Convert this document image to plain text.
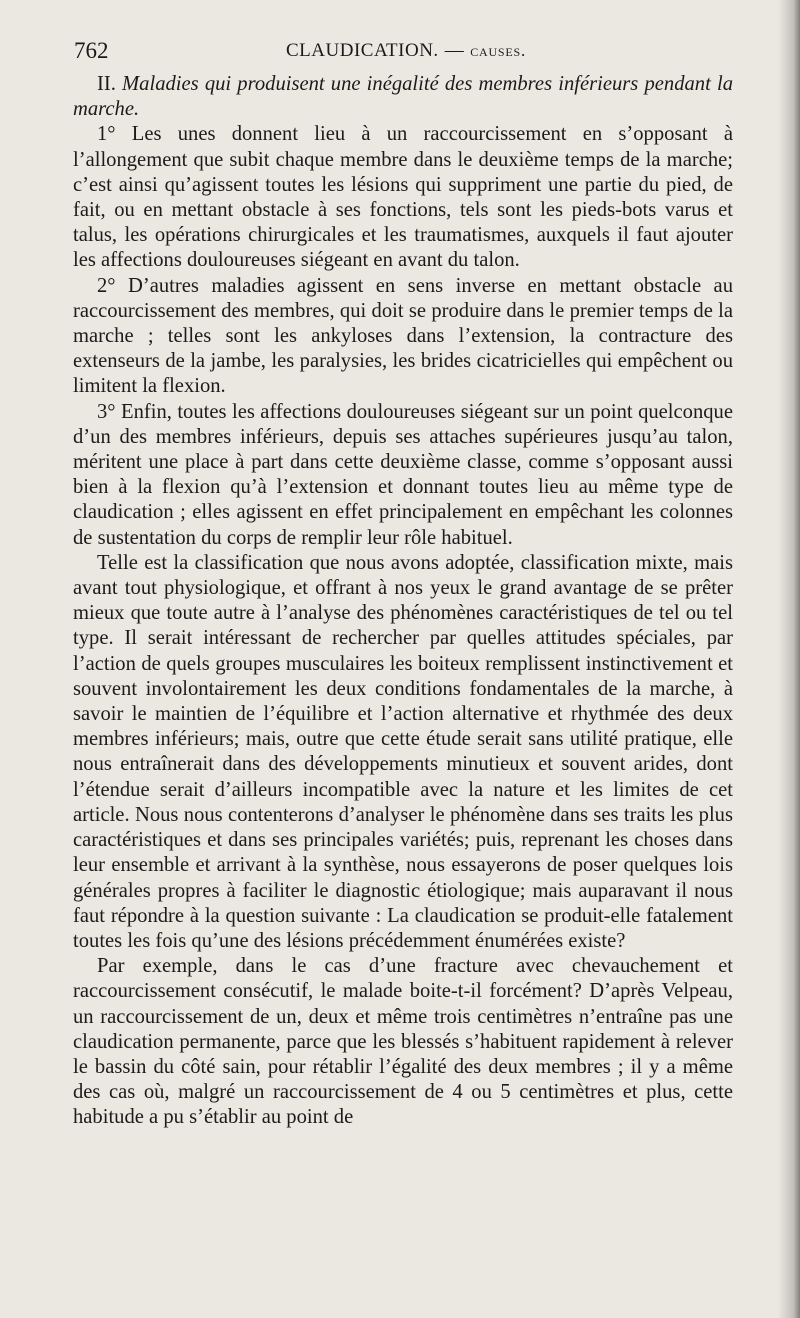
762	CLAUDICATION. — causes.

II. Maladies qui produisent une inégalité des membres inférieurs pendant la marche.

1° Les unes donnent lieu à un raccourcissement en s’opposant à l’allongement que subit chaque membre dans le deuxième temps de la marche; c’est ainsi qu’agissent toutes les lésions qui suppriment une partie du pied, de fait, ou en mettant obstacle à ses fonctions, tels sont les pieds-bots varus et talus, les opérations chirurgicales et les traumatismes, auxquels il faut ajouter les affections douloureuses siégeant en avant du talon.

2° D’autres maladies agissent en sens inverse en mettant obstacle au raccourcissement des membres, qui doit se produire dans le premier temps de la marche ; telles sont les ankyloses dans l’extension, la contracture des extenseurs de la jambe, les paralysies, les brides cicatricielles qui empêchent ou limitent la flexion.

3° Enfin, toutes les affections douloureuses siégeant sur un point quelconque d’un des membres inférieurs, depuis ses attaches supérieures jusqu’au talon, méritent une place à part dans cette deuxième classe, comme s’opposant aussi bien à la flexion qu’à l’extension et donnant toutes lieu au même type de claudication ; elles agissent en effet principalement en empêchant les colonnes de sustentation du corps de remplir leur rôle habituel.

Telle est la classification que nous avons adoptée, classification mixte, mais avant tout physiologique, et offrant à nos yeux le grand avantage de se prêter mieux que toute autre à l’analyse des phénomènes caractéristiques de tel ou tel type. Il serait intéressant de rechercher par quelles attitudes spéciales, par l’action de quels groupes musculaires les boiteux remplissent instinctivement et souvent involontairement les deux conditions fondamentales de la marche, à savoir le maintien de l’équilibre et l’action alternative et rhythmée des deux membres inférieurs; mais, outre que cette étude serait sans utilité pratique, elle nous entraînerait dans des développements minutieux et souvent arides, dont l’étendue serait d’ailleurs incompatible avec la nature et les limites de cet article. Nous nous contenterons d’analyser le phénomène dans ses traits les plus caractéristiques et dans ses principales variétés; puis, reprenant les choses dans leur ensemble et arrivant à la synthèse, nous essayerons de poser quelques lois générales propres à faciliter le diagnostic étiologique; mais auparavant il nous faut répondre à la question suivante : La claudication se produit-elle fatalement toutes les fois qu’une des lésions précédemment énumérées existe?

Par exemple, dans le cas d’une fracture avec chevauchement et raccourcissement consécutif, le malade boite-t-il forcément? D’après Velpeau, un raccourcissement de un, deux et même trois centimètres n’entraîne pas une claudication permanente, parce que les blessés s’habituent rapidement à relever le bassin du côté sain, pour rétablir l’égalité des deux membres ; il y a même des cas où, malgré un raccourcissement de 4 ou 5 centimètres et plus, cette habitude a pu s’établir au point de
